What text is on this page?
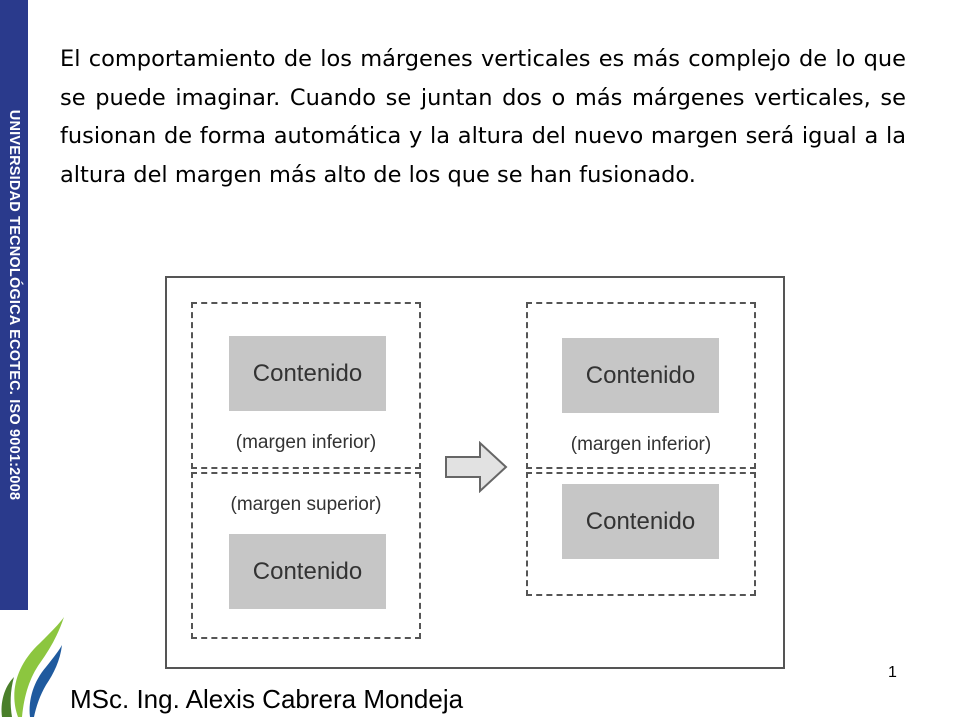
UNIVERSIDAD TECNOLÓGICA ECOTEC. ISO 9001:2008

El comportamiento de los márgenes verticales es más complejo de lo que se puede imaginar. Cuando se juntan dos o más márgenes verticales, se fusionan de forma automática y la altura del nuevo margen será igual a la altura del margen más alto de los que se han fusionado.

Contenido
(margen inferior)
(margen superior)
Contenido
Contenido
(margen inferior)
Contenido
MSc. Ing. Alexis Cabrera Mondeja
1
